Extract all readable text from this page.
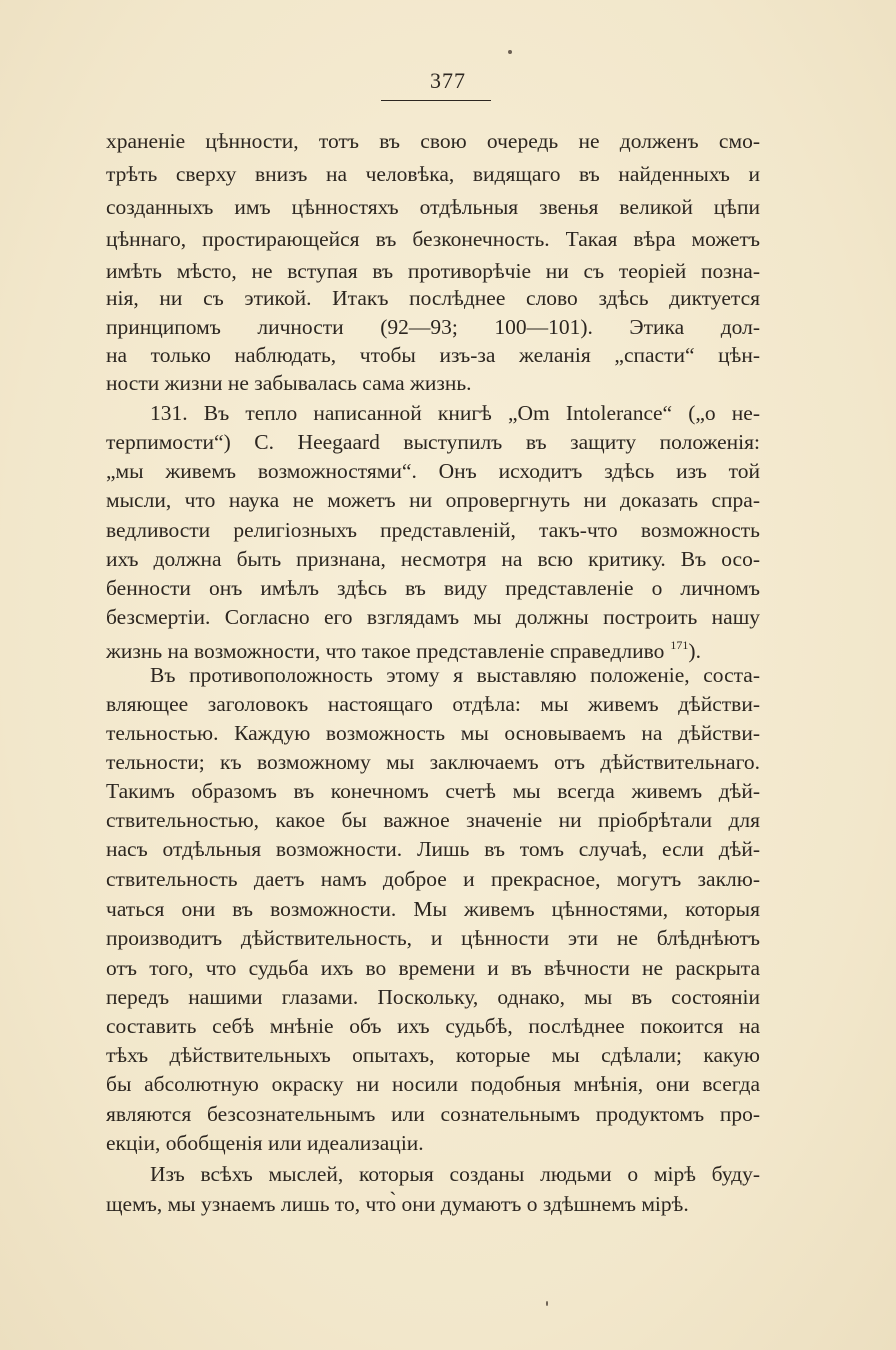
377
храненіе цѣнности, тотъ въ свою очередь не долженъ смо-
трѣть сверху внизъ на человѣка, видящаго въ найденныхъ и
созданныхъ имъ цѣнностяхъ отдѣльныя звенья великой цѣпи
цѣннаго, простирающейся въ безконечность. Такая вѣра можетъ
имѣть мѣсто, не вступая въ противорѣчіе ни съ теоріей позна-
нія, ни съ этикой. Итакъ послѣднее слово здѣсь диктуется
принципомъ личности (92—93; 100—101). Этика дол-
на только наблюдать, чтобы изъ-за желанія „спасти“ цѣн-
ности жизни не забывалась сама жизнь.
131. Въ тепло написанной книгѣ „Om Intolerance“ („о не-
терпимости“) C. Heegaard выступилъ въ защиту положенія:
„мы живемъ возможностями“. Онъ исходитъ здѣсь изъ той
мысли, что наука не можетъ ни опровергнуть ни доказать спра-
ведливости религіозныхъ представленій, такъ-что возможность
ихъ должна быть признана, несмотря на всю критику. Въ осо-
бенности онъ имѣлъ здѣсь въ виду представленіе о личномъ
безсмертіи. Согласно его взглядамъ мы должны построить нашу
жизнь на возможности, что такое представленіе справедливо $^{171}$).
Въ противоположность этому я выставляю положеніе, соста-
вляющее заголовокъ настоящаго отдѣла: мы живемъ дѣйстви-
тельностью. Каждую возможность мы основываемъ на дѣйстви-
тельности; къ возможному мы заключаемъ отъ дѣйствительнаго.
Такимъ образомъ въ конечномъ счетѣ мы всегда живемъ дѣй-
ствительностью, какое бы важное значеніе ни пріобрѣтали для
насъ отдѣльныя возможности. Лишь въ томъ случаѣ, если дѣй-
ствительность даетъ намъ доброе и прекрасное, могутъ заклю-
чаться они въ возможности. Мы живемъ цѣнностями, которыя
производитъ дѣйствительность, и цѣнности эти не блѣднѣютъ
отъ того, что судьба ихъ во времени и въ вѣчности не раскрыта
передъ нашими глазами. Поскольку, однако, мы въ состояніи
составить себѣ мнѣніе объ ихъ судьбѣ, послѣднее покоится на
тѣхъ дѣйствительныхъ опытахъ, которые мы сдѣлали; какую
бы абсолютную окраску ни носили подобныя мнѣнія, они всегда
являются безсознательнымъ или сознательнымъ продуктомъ про-
екціи, обобщенія или идеализаціи.
Изъ всѣхъ мыслей, которыя созданы людьми о мірѣ буду-
щемъ, мы узнаемъ лишь то, что̀ они думаютъ о здѣшнемъ мірѣ.
